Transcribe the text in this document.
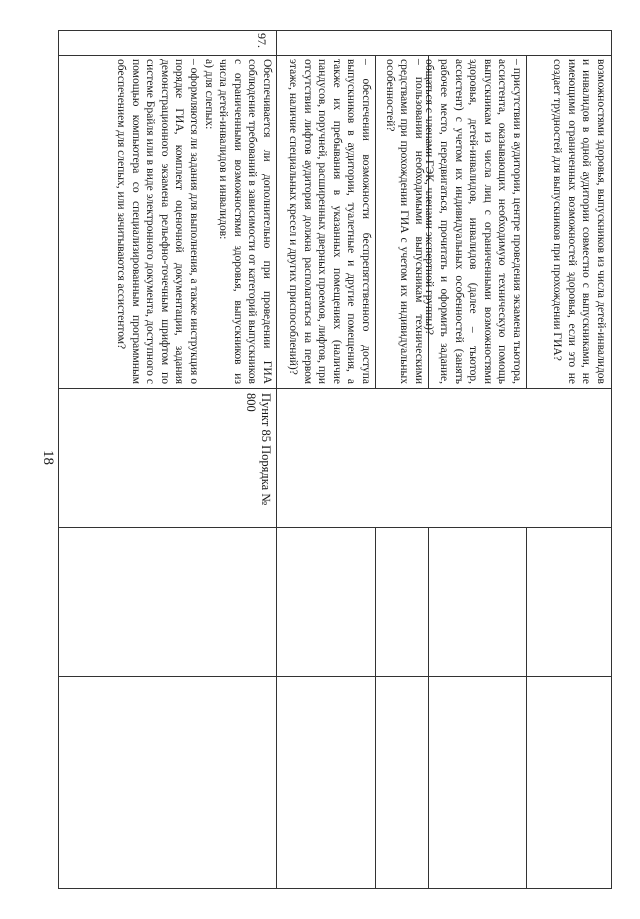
18
возможностями здоровья, выпускников из числа детей-инвалидов и инвалидов в одной аудитории совместно с выпускниками, не имеющими ограниченных возможностей здоровья, если это не создает трудностей для выпускников при прохождении ГИА?
– присутствии в аудитории, центре проведения экзамена тьютора, ассистента, оказывающих необходимую техническую помощь выпускникам из числа лиц с ограниченными возможностями здоровья, детей-инвалидов, инвалидов (далее – тьютор, ассистент) с учетом их индивидуальных особенностей (занять рабочее место, передвигаться, прочитать и оформить задание, общаться с членами ГЭК, членами экспертной группы)?
– пользовании необходимыми выпускникам техническими средствами при прохождении ГИА с учетом их индивидуальных особенностей?
– обеспечении возможности беспрепятственного доступа выпускников в аудитории, туалетные и другие помещения, а также их пребывания в указанных помещениях (наличие пандусов, поручней, расширенных дверных проемов, лифтов, при отсутствии лифтов аудитория должна располагаться на первом этаже, наличие специальных кресел и других приспособлений)?
97.
Обеспечивается ли дополнительно при проведении ГИА соблюдение требований в зависимости от категорий выпускников с ограниченными возможностями здоровья, выпускников из числа детей-инвалидов и инвалидов:
а) для слепых:
– оформляются ли задания для выполнения, а также инструкция о порядке ГИА, комплект оценочной документации, задания демонстрационного экзамена рельефно-точечным шрифтом по системе Брайля или в виде электронного документа, доступного с помощью компьютера со специализированным программным обеспечением для слепых, или зачитываются ассистентом?
Пункт 85 Порядка № 800
